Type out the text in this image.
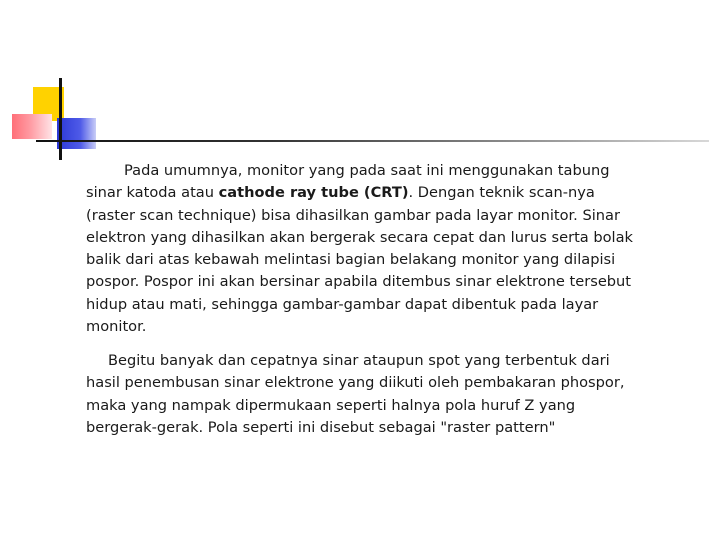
Pada umumnya, monitor yang pada saat ini menggunakan tabung
sinar katoda atau cathode ray tube (CRT). Dengan teknik scan-nya
(raster scan technique) bisa dihasilkan gambar pada layar monitor. Sinar
elektron yang dihasilkan akan bergerak secara cepat dan lurus serta bolak
balik dari atas kebawah melintasi bagian belakang monitor yang dilapisi
pospor. Pospor ini akan bersinar apabila ditembus sinar elektrone tersebut
hidup atau mati, sehingga gambar-gambar dapat dibentuk pada layar
monitor.
Begitu banyak dan cepatnya sinar ataupun spot yang terbentuk dari
hasil penembusan sinar elektrone yang diikuti oleh pembakaran phospor,
maka yang nampak dipermukaan seperti halnya pola huruf Z yang
bergerak-gerak. Pola seperti ini disebut sebagai "raster pattern"
